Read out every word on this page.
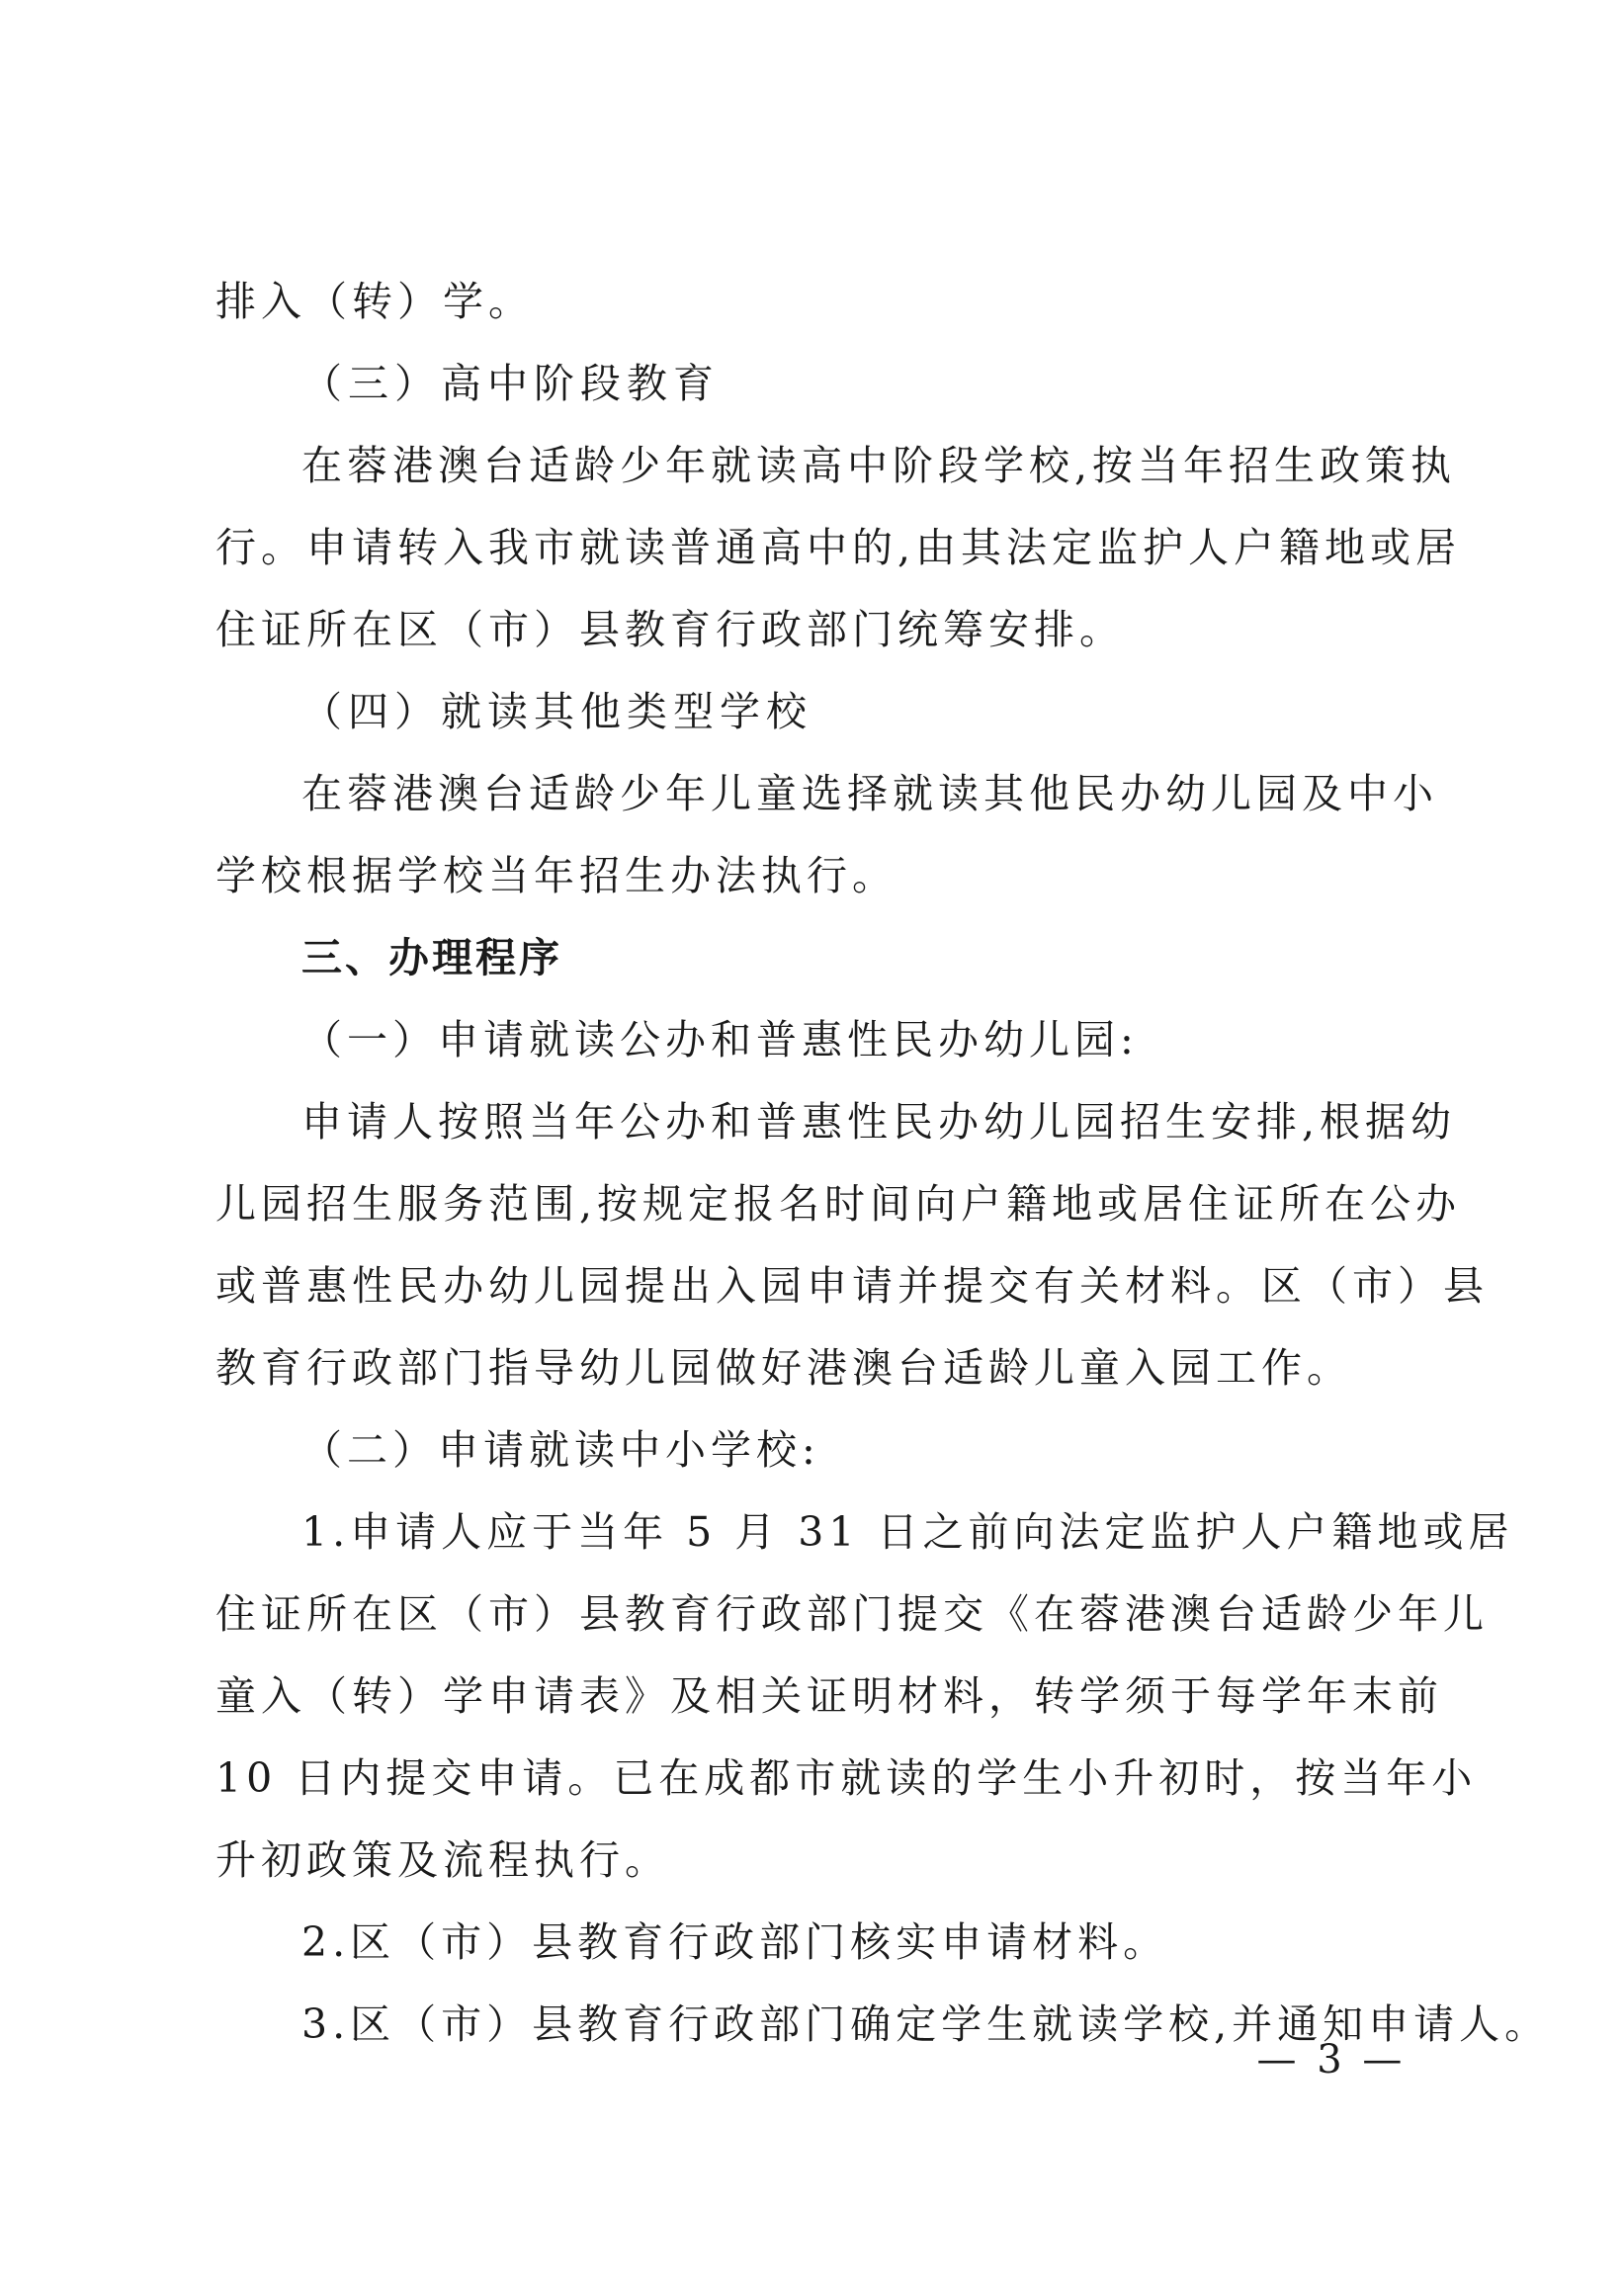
排入（转）学。
（三）高中阶段教育
在蓉港澳台适龄少年就读高中阶段学校,按当年招生政策执
行。申请转入我市就读普通高中的,由其法定监护人户籍地或居
住证所在区（市）县教育行政部门统筹安排。
（四）就读其他类型学校
在蓉港澳台适龄少年儿童选择就读其他民办幼儿园及中小
学校根据学校当年招生办法执行。
三、办理程序
（一）申请就读公办和普惠性民办幼儿园:
申请人按照当年公办和普惠性民办幼儿园招生安排,根据幼
儿园招生服务范围,按规定报名时间向户籍地或居住证所在公办
或普惠性民办幼儿园提出入园申请并提交有关材料。区（市）县
教育行政部门指导幼儿园做好港澳台适龄儿童入园工作。
（二）申请就读中小学校:
1.申请人应于当年 5 月 31 日之前向法定监护人户籍地或居
住证所在区（市）县教育行政部门提交《在蓉港澳台适龄少年儿
童入（转）学申请表》及相关证明材料，转学须于每学年末前
10 日内提交申请。已在成都市就读的学生小升初时，按当年小
升初政策及流程执行。
2.区（市）县教育行政部门核实申请材料。
3.区（市）县教育行政部门确定学生就读学校,并通知申请人。
— 3 —
